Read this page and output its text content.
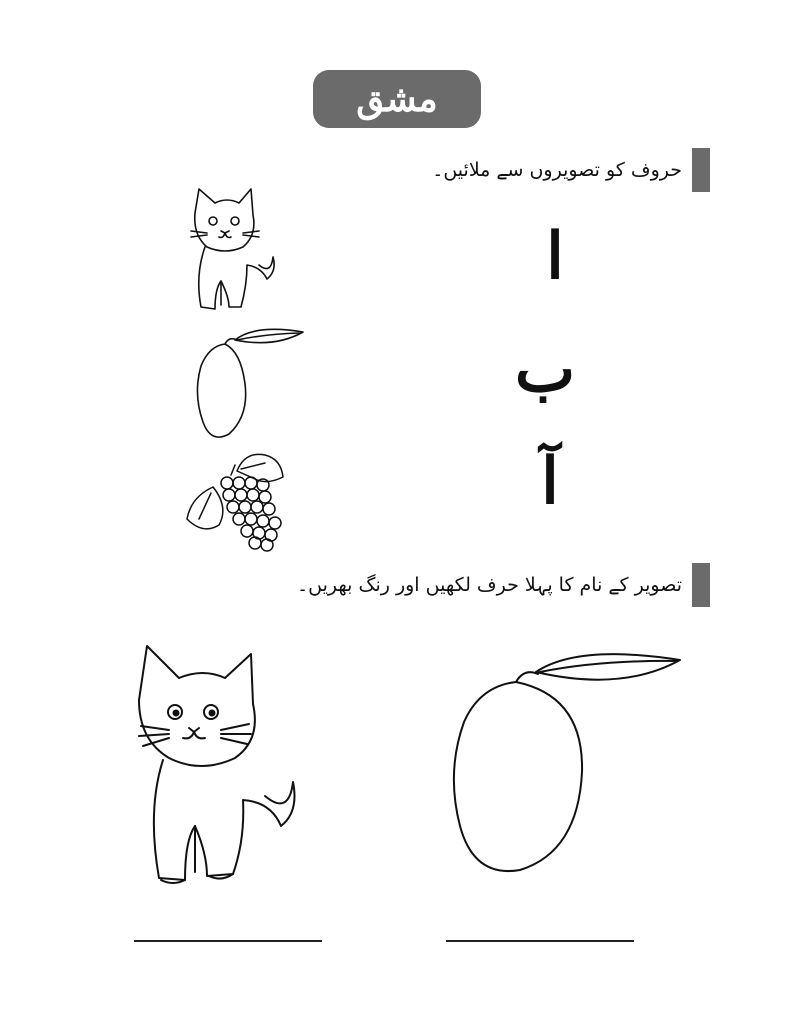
مشق
حروف کو تصویروں سے ملائیں۔
ا
ب
آ
تصویر کے نام کا پہلا حرف لکھیں اور رنگ بھریں۔
